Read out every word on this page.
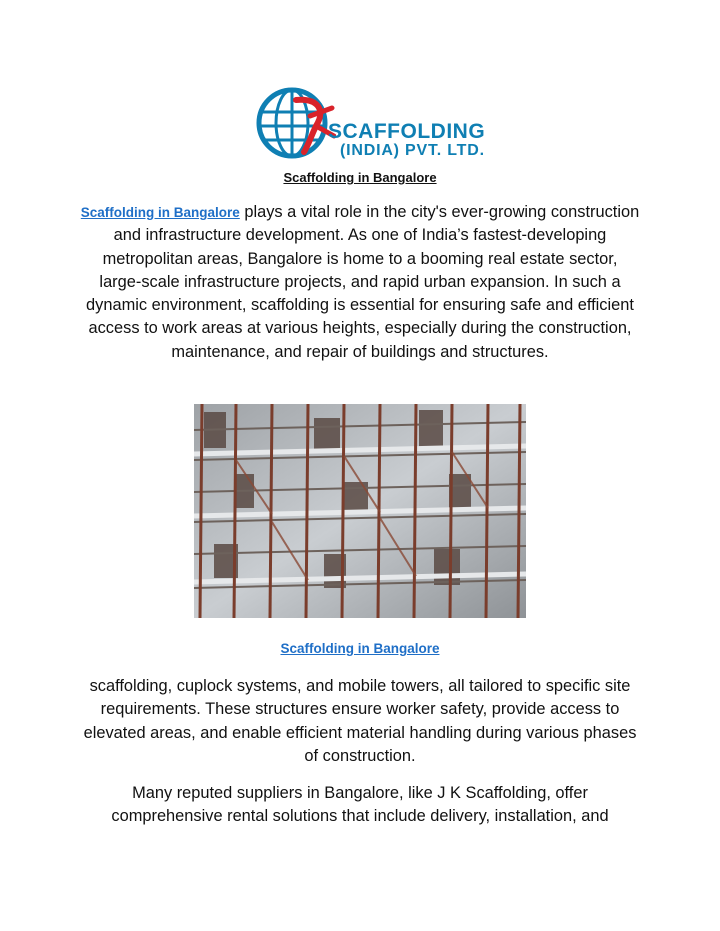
SCAFFOLDING
(INDIA) PVT. LTD.
Scaffolding in Bangalore
Scaffolding in Bangalore plays a vital role in the city's ever-growing construction and infrastructure development. As one of India’s fastest-developing metropolitan areas, Bangalore is home to a booming real estate sector, large-scale infrastructure projects, and rapid urban expansion. In such a dynamic environment, scaffolding is essential for ensuring safe and efficient access to work areas at various heights, especially during the construction, maintenance, and repair of buildings and structures.
Scaffolding in Bangalore
scaffolding, cuplock systems, and mobile towers, all tailored to specific site requirements. These structures ensure worker safety, provide access to elevated areas, and enable efficient material handling during various phases of construction.
Many reputed suppliers in Bangalore, like J K Scaffolding, offer comprehensive rental solutions that include delivery, installation, and
